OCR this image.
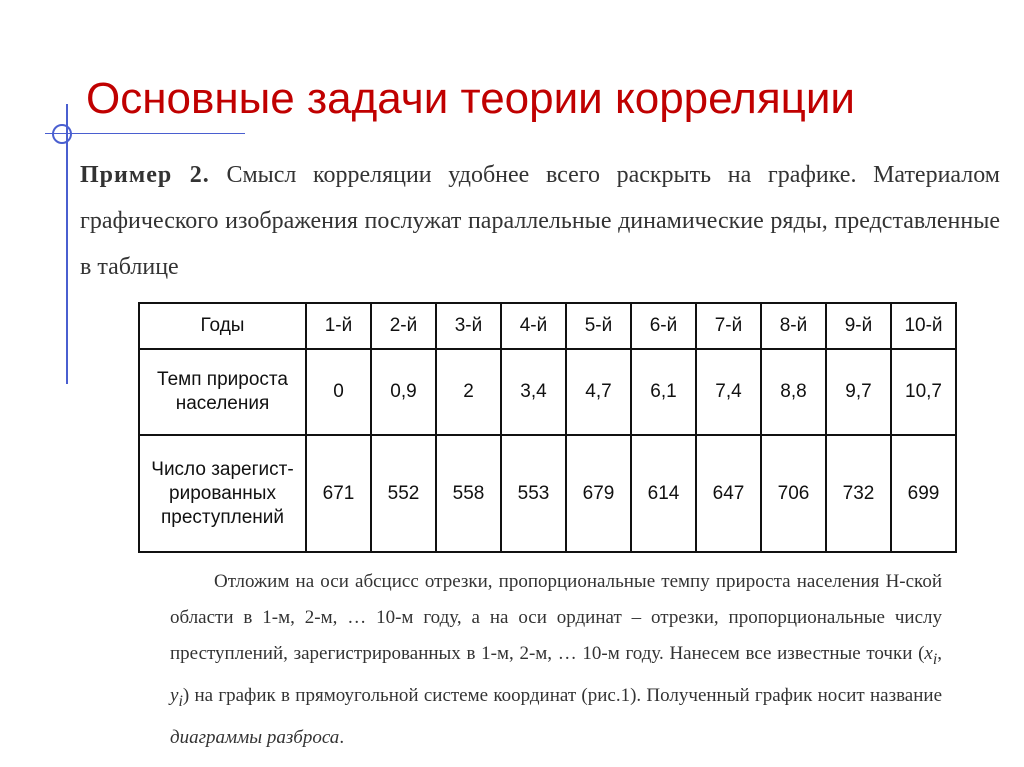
Основные задачи теории корреляции
Пример 2. Смысл корреляции удобнее всего раскрыть на графике. Материалом графического изображения послужат параллельные динамические ряды, представленные в таблице
Годы	1-й	2-й	3-й	4-й	5-й	6-й	7-й	8-й	9-й	10-й
Темп прироста населения	0	0,9	2	3,4	4,7	6,1	7,4	8,8	9,7	10,7
Число зарегист-рированных преступлений	671	552	558	553	679	614	647	706	732	699
Отложим на оси абсцисс отрезки, пропорциональные темпу прироста населения Н-ской области в 1-м, 2-м, … 10-м году, а на оси ординат – отрезки, пропорциональные числу преступлений, зарегистрированных в 1-м, 2-м, … 10-м году. Нанесем все известные точки ($x_i$, $y_i$) на график в прямоугольной системе координат (рис.1). Полученный график носит название диаграммы разброса.
